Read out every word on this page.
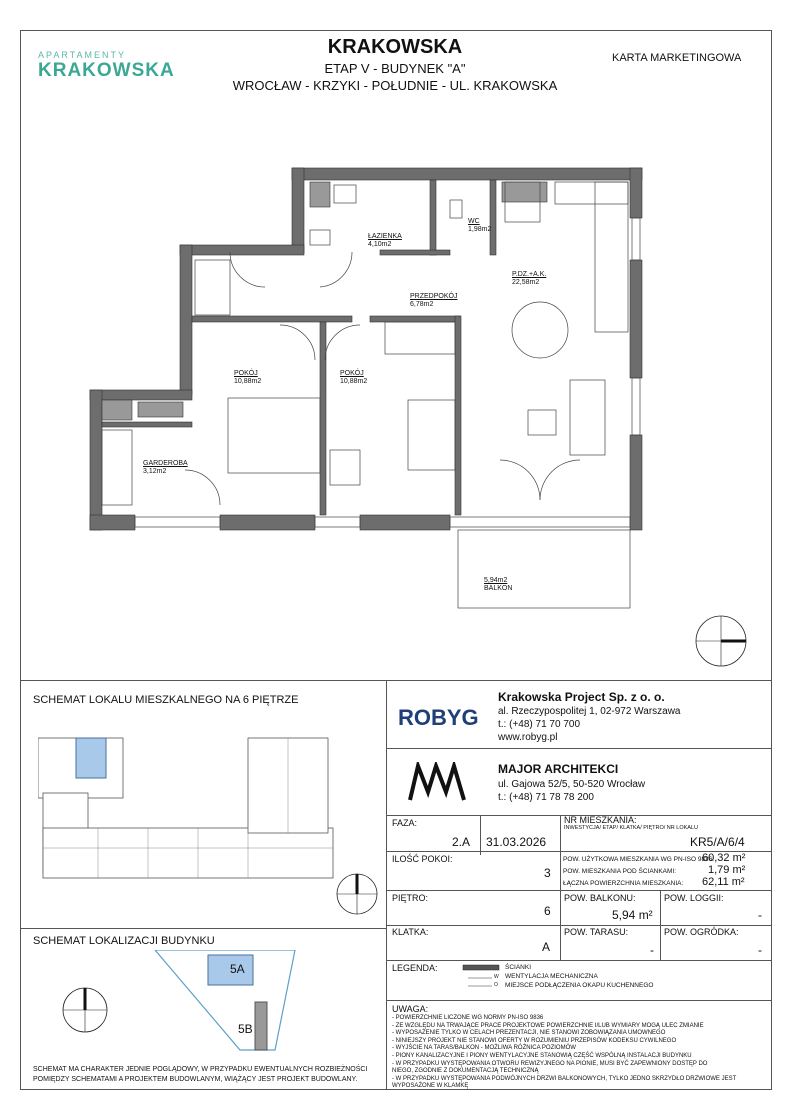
APARTAMENTY
KRAKOWSKA
KRAKOWSKA
ETAP V - BUDYNEK "A"
WROCŁAW - KRZYKI - POŁUDNIE - UL. KRAKOWSKA
KARTA MARKETINGOWA
ŁAZIENKA
4,10m2
WC
1,98m2
P.DZ.+A.K.
22,58m2
PRZEDPOKÓJ
6,78m2
POKÓJ
10,88m2
POKÓJ
10,88m2
GARDEROBA
3,12m2
5,94m2
BALKON
SCHEMAT LOKALU MIESZKALNEGO NA 6 PIĘTRZE
SCHEMAT LOKALIZACJI BUDYNKU
5A
5B
SCHEMAT MA CHARAKTER JEDNIE POGLĄDOWY, W PRZYPADKU EWENTUALNYCH ROZBIEŻNOŚCI
POMIĘDZY SCHEMATAMI A PROJEKTEM BUDOWLANYM, WIĄŻĄCY JEST PROJEKT BUDOWLANY.
ROBYG
Krakowska Project Sp. z o. o.
al. Rzeczypospolitej 1, 02-972 Warszawa
t.: (+48) 71 70 700
www.robyg.pl
MAJOR ARCHITEKCI
ul. Gajowa 52/5, 50-520 Wrocław
t.: (+48) 71 78 78 200
FAZA:
2.A 31.03.2026
NR MIESZKANIA:
INWESTYCJA/ ETAP/ KLATKA/ PIĘTRO/ NR LOKALU
KR5/A/6/4
ILOŚĆ POKOI:
3
POW. UŻYTKOWA MIESZKANIA WG PN-ISO 9836:
60,32 m²
POW. MIESZKANIA POD ŚCIANKAMI:	1,79 m²
ŁĄCZNA POWIERZCHNIA MIESZKANIA: 62,11 m²
PIĘTRO:
6
POW. BALKONU:
5,94 m²
POW. LOGGII:
-
KLATKA:
A
POW. TARASU:
-
POW. OGRÓDKA:
-
LEGENDA:
W
O
ŚCIANKI
WENTYLACJA MECHANICZNA
MIEJSCE PODŁĄCZENIA OKAPU KUCHENNEGO
UWAGA:
- POWIERZCHNIE LICZONE WG NORMY PN-ISO 9836
- ZE WZGLĘDU NA TRWAJĄCE PRACE PROJEKTOWE POWIERZCHNIE I/LUB WYMIARY MOGĄ ULEC ZMIANIE
- WYPOSAŻENIE TYLKO W CELACH PREZENTACJI, NIE STANOWI ZOBOWIĄZANIA UMOWNEGO
- NINIEJSZY PROJEKT NIE STANOWI OFERTY W ROZUMIENIU PRZEPISÓW KODEKSU CYWILNEGO
- WYJŚCIE NA TARAS/BALKON - MOŻLIWA RÓŻNICA POZIOMÓW
- PIONY KANALIZACYJNE I PIONY WENTYLACYJNE STANOWIĄ CZĘŚĆ WSPÓLNĄ INSTALACJI BUDYNKU
- W PRZYPADKU WYSTĘPOWANIA OTWORU REWIZYJNEGO NA PIONIE, MUSI BYĆ ZAPEWNIONY DOSTĘP DO
NIEGO, ZGODNIE Z DOKUMENTACJĄ TECHNICZNĄ
- W PRZYPADKU WYSTĘPOWANIA PODWÓJNYCH DRZWI BALKONOWYCH, TYLKO JEDNO SKRZYDŁO DRZWIOWE JEST
WYPOSAŻONE W KLAMKĘ
